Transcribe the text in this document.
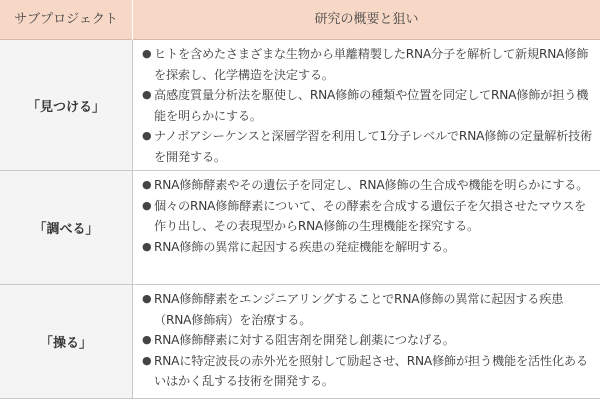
サブプロジェクト	研究の概要と狙い
「見つける」
● ヒトを含めたさまざまな生物から単離精製したRNA分子を解析して新規RNA修飾を探索し、化学構造を決定する。
● 高感度質量分析法を駆使し、RNA修飾の種類や位置を同定してRNA修飾が担う機能を明らかにする。
● ナノポアシーケンスと深層学習を利用して1分子レベルでRNA修飾の定量解析技術を開発する。
「調べる」
● RNA修飾酵素やその遺伝子を同定し、RNA修飾の生合成や機能を明らかにする。
● 個々のRNA修飾酵素について、その酵素を合成する遺伝子を欠損させたマウスを作り出し、その表現型からRNA修飾の生理機能を探究する。
● RNA修飾の異常に起因する疾患の発症機能を解明する。
「操る」
● RNA修飾酵素をエンジニアリングすることでRNA修飾の異常に起因する疾患（RNA修飾病）を治療する。
● RNA修飾酵素に対する阻害剤を開発し創薬につなげる。
● RNAに特定波長の赤外光を照射して励起させ、RNA修飾が担う機能を活性化あるいはかく乱する技術を開発する。
